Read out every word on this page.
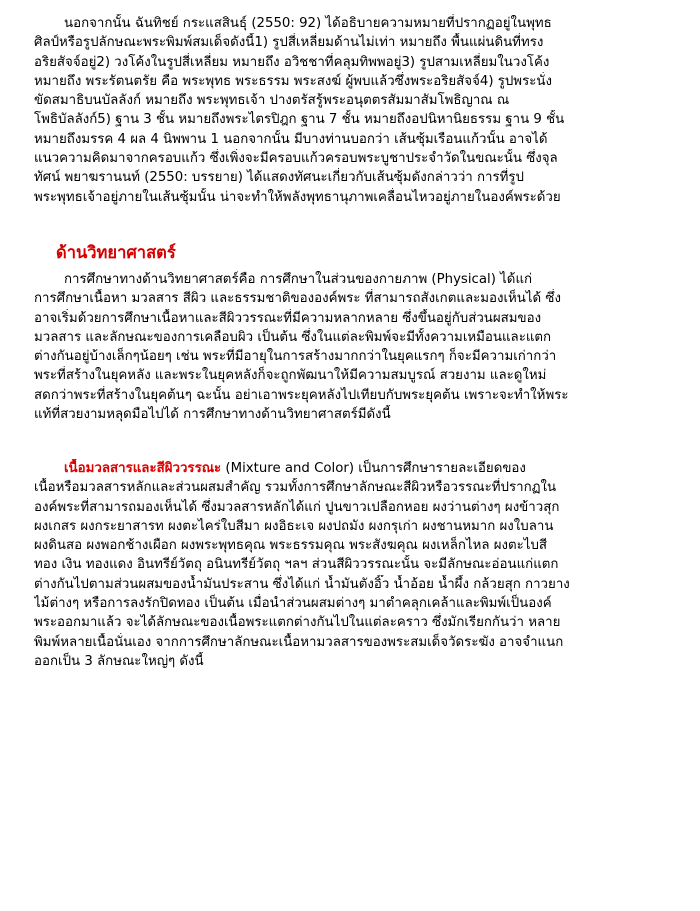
นอกจากนั้น ฉันทิชย์ กระแสสินธุ์ (2550: 92) ได้อธิบายความหมายที่ปรากฏอยู่ในพุทธ
ศิลป์หรือรูปลักษณะพระพิมพ์สมเด็จดังนี้1) รูปสี่เหลี่ยมด้านไม่เท่า หมายถึง พื้นแผ่นดินที่ทรง
อริยสัจจ์อยู่2) วงโค้งในรูปสี่เหลี่ยม หมายถึง อวิชชาที่คลุมทิพพอยู่3) รูปสามเหลี่ยมในวงโค้ง
หมายถึง พระรัตนตรัย คือ พระพุทธ พระธรรม พระสงฆ์ ผู้พบแล้วซึ่งพระอริยสัจจ์4) รูปพระนั่ง
ขัดสมาธิบนบัลลังก์ หมายถึง พระพุทธเจ้า ปางตรัสรู้พระอนุตตรสัมมาสัมโพธิญาณ ณ
โพธิบัลลังก์5) ฐาน 3 ชั้น หมายถึงพระไตรปิฎก ฐาน 7 ชั้น หมายถึงอปนิหานิยธรรม ฐาน 9 ชั้น
หมายถึงมรรค 4 ผล 4 นิพพาน 1 นอกจากนั้น มีบางท่านบอกว่า เส้นซุ้มเรือนแก้วนั้น อาจได้
แนวความคิดมาจากครอบแก้ว ซึ่งเพิ่งจะมีครอบแก้วครอบพระบูชาประจำวัดในขณะนั้น ซึ่งจุล
ทัศน์ พยาฆรานนท์ (2550: บรรยาย) ได้แสดงทัศนะเกี่ยวกับเส้นซุ้มดังกล่าวว่า การที่รูป
พระพุทธเจ้าอยู่ภายในเส้นซุ้มนั้น น่าจะทำให้พลังพุทธานุภาพเคลื่อนไหวอยู่ภายในองค์พระด้วย
ด้านวิทยาศาสตร์
การศึกษาทางด้านวิทยาศาสตร์คือ การศึกษาในส่วนของกายภาพ (Physical) ได้แก่
การศึกษาเนื้อหา มวลสาร สีผิว และธรรมชาติขององค์พระ ที่สามารถสังเกตและมองเห็นได้ ซึ่ง
อาจเริ่มด้วยการศึกษาเนื้อหาและสีผิววรรณะที่มีความหลากหลาย ซึ่งขึ้นอยู่กับส่วนผสมของ
มวลสาร และลักษณะของการเคลือบผิว เป็นต้น ซึ่งในแต่ละพิมพ์จะมีทั้งความเหมือนและแตก
ต่างกันอยู่บ้างเล็กๆน้อยๆ เช่น พระที่มีอายุในการสร้างมากกว่าในยุคแรกๆ ก็จะมีความเก่ากว่า
พระที่สร้างในยุคหลัง และพระในยุคหลังก็จะถูกพัฒนาให้มีความสมบูรณ์ สวยงาม และดูใหม่
สดกว่าพระที่สร้างในยุคต้นๆ ฉะนั้น อย่าเอาพระยุคหลังไปเทียบกับพระยุคต้น เพราะจะทำให้พระ
แท้ที่สวยงามหลุดมือไปได้ การศึกษาทางด้านวิทยาศาสตร์มีดังนี้
เนื้อมวลสารและสีผิววรรณะ (Mixture and Color) เป็นการศึกษารายละเอียดของ
เนื้อหรือมวลสารหลักและส่วนผสมสำคัญ รวมทั้งการศึกษาลักษณะสีผิวหรือวรรณะที่ปรากฏใน
องค์พระที่สามารถมองเห็นได้ ซึ่งมวลสารหลักได้แก่ ปูนขาวเปลือกหอย ผงว่านต่างๆ ผงข้าวสุก
ผงเกสร ผงกระยาสารท ผงตะไคร่ใบสีมา ผงอิธะเจ ผงปถมัง ผงกรุเก่า ผงชานหมาก ผงใบลาน
ผงดินสอ ผงพอกช้างเผือก ผงพระพุทธคุณ พระธรรมคุณ พระสังฆคุณ ผงเหล็กไหล ผงตะไบสี
ทอง เงิน ทองแดง อินทรีย์วัตถุ อนินทรีย์วัตถุ ฯลฯ ส่วนสีผิววรรณะนั้น จะมีลักษณะอ่อนแก่แตก
ต่างกันไปตามส่วนผสมของน้ำมันประสาน ซึ่งได้แก่ น้ำมันตังอิ๊ว น้ำอ้อย น้ำผึ้ง กล้วยสุก กาวยาง
ไม้ต่างๆ หรือการลงรักปิดทอง เป็นต้น เมื่อนำส่วนผสมต่างๆ มาตำคลุกเคล้าและพิมพ์เป็นองค์
พระออกมาแล้ว จะได้ลักษณะของเนื้อพระแตกต่างกันไปในแต่ละคราว ซึ่งมักเรียกกันว่า หลาย
พิมพ์หลายเนื้อนั่นเอง จากการศึกษาลักษณะเนื้อหามวลสารของพระสมเด็จวัดระฆัง อาจจำแนก
ออกเป็น 3 ลักษณะใหญ่ๆ ดังนี้
